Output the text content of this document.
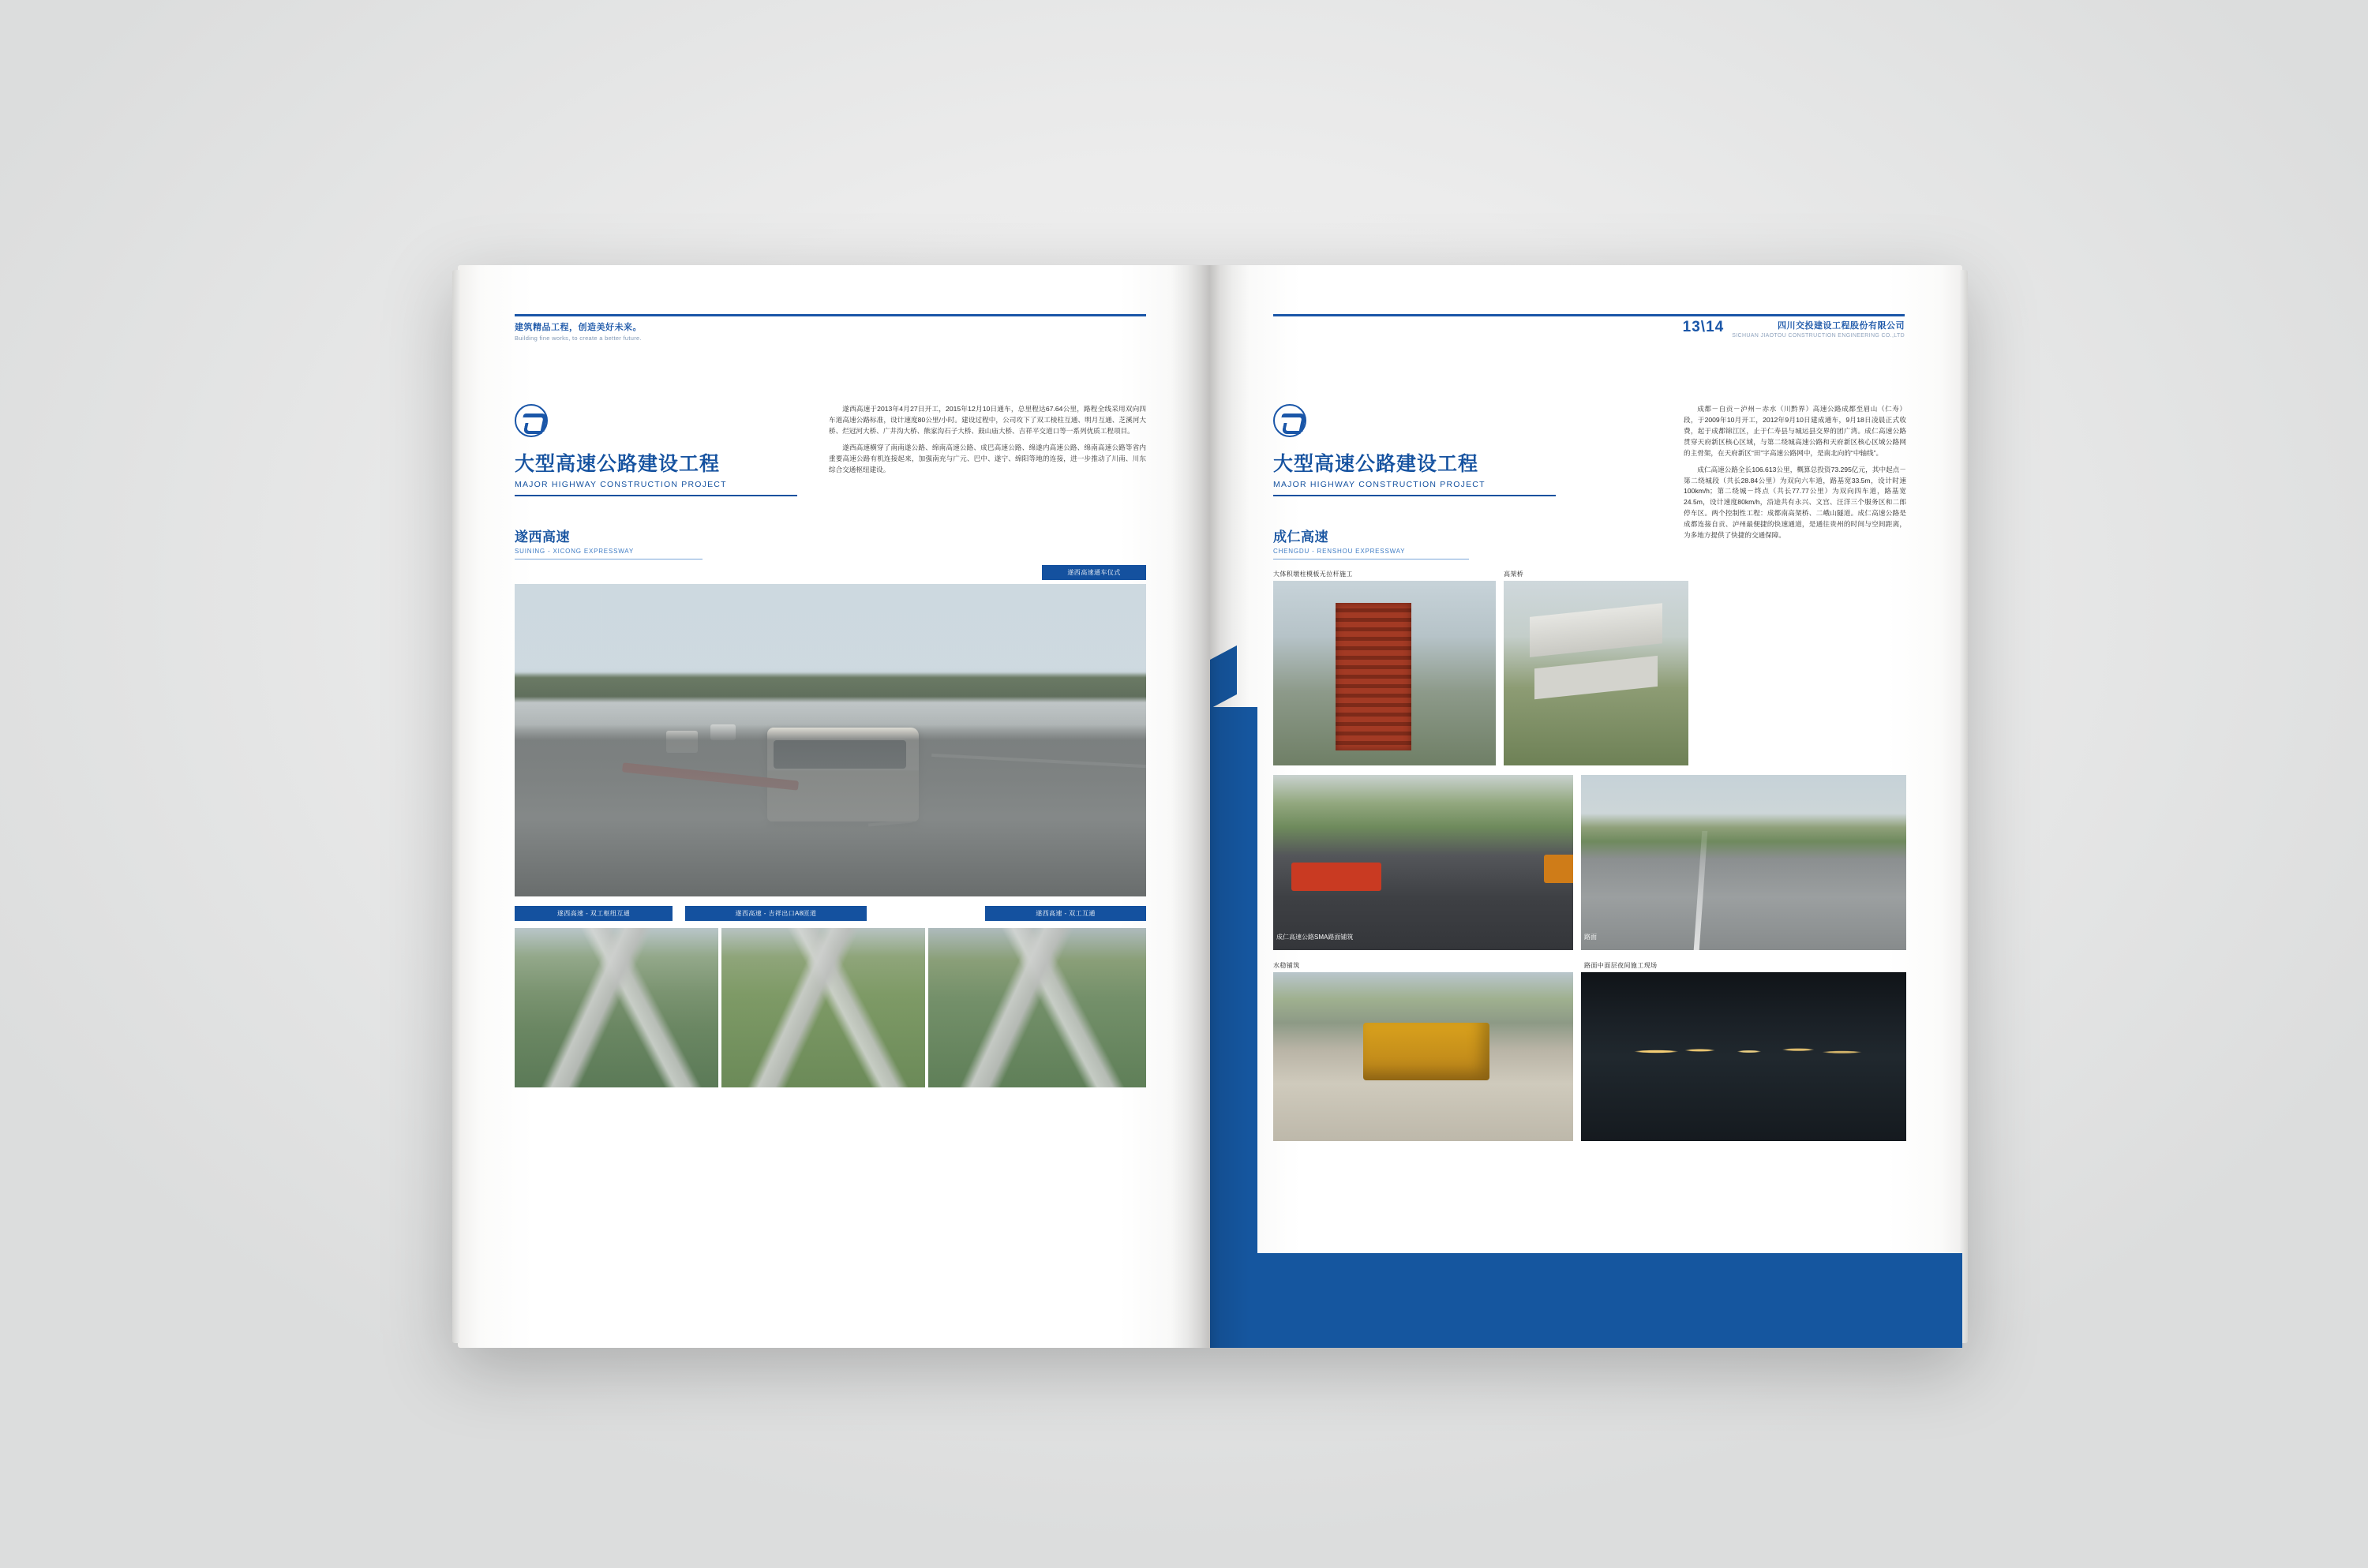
建筑精品工程，创造美好未来。
Building fine works, to create a better future.
大型高速公路建设工程
MAJOR HIGHWAY CONSTRUCTION PROJECT
遂西高速
SUINING - XICONG EXPRESSWAY

遂西高速于2013年4月27日开工，2015年12月10日通车，总里程达67.64公里，路程全线采用双向四车道高速公路标准，设计速度80公里/小时。建设过程中，公司攻下了双工棱柱互通、明月互通、芝溪河大桥、烂冠河大桥、广井沟大桥、熊家沟石子大桥、鼓山庙大桥、吉祥平交道口等一系列优质工程项目。

遂西高速横穿了南南遂公路、绵南高速公路、成巴高速公路、绵遂内高速公路、绵南高速公路等省内重要高速公路有机连接起来，加强南充与广元、巴中、遂宁、绵阳等地的连接，进一步推动了川南、川东综合交通枢纽建设。

遂西高速通车仪式
遂西高速 - 双工枢纽互通	遂西高速 - 吉祥出口A8匝道	遂西高速 - 双工互通
13\14	四川交投建设工程股份有限公司
SICHUAN JIAOTOU CONSTRUCTION ENGINEERING CO.,LTD
大型高速公路建设工程
MAJOR HIGHWAY CONSTRUCTION PROJECT
成仁高速
CHENGDU - RENSHOU EXPRESSWAY

成都－自贡－泸州－赤水（川黔界）高速公路成都至眉山（仁寿）段，于2009年10月开工，2012年9月10日建成通车，9月18日凌晨正式收费，起于成都锦江区，止于仁寿县与城运县交界的团广湾。成仁高速公路贯穿天府新区核心区域，与第二绕城高速公路和天府新区核心区域公路网的主骨架，在天府新区“田”字高速公路网中，是南北向的“中轴线”。

成仁高速公路全长106.613公里，概算总投资73.295亿元，其中起点－第二绕城段（共长28.84公里）为双向六车道，路基宽33.5m，设计时速100km/h；第二绕城－终点（共长77.77公里）为双向四车道，路基宽24.5m，设计速度80km/h，沿途共有永兴、文宫、汪洋三个服务区和二郎停车区。两个控制性工程：成都南高架桥、二峨山隧道。成仁高速公路是成都连接自贡、泸州最便捷的快速通道，是通往贵州的时间与空间距离，为多地方提供了快捷的交通保障。

大体积墩柱模板无拉杆施工	高架桥
成仁高速公路SMA路面铺筑	路面
水稳铺筑	路面中面层夜间施工现场
